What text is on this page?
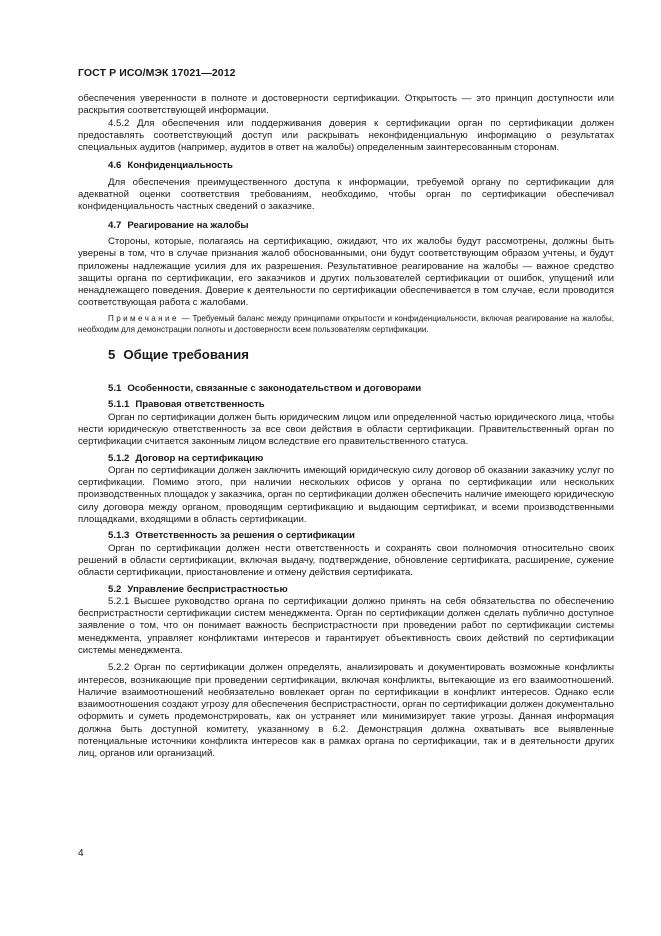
ГОСТ Р ИСО/МЭК 17021—2012

обеспечения уверенности в полноте и достоверности сертификации. Открытость — это принцип доступности или раскрытия соответствующей информации.

4.5.2 Для обеспечения или поддерживания доверия к сертификации орган по сертификации должен предоставлять соответствующий доступ или раскрывать неконфиденциальную информацию о результатах специальных аудитов (например, аудитов в ответ на жалобы) определенным заинтересованным сторонам.

4.6 Конфиденциальность

Для обеспечения преимущественного доступа к информации, требуемой органу по сертификации для адекватной оценки соответствия требованиям, необходимо, чтобы орган по сертификации обеспечивал конфиденциальность частных сведений о заказчике.

4.7 Реагирование на жалобы

Стороны, которые, полагаясь на сертификацию, ожидают, что их жалобы будут рассмотрены, должны быть уверены в том, что в случае признания жалоб обоснованными, они будут соответствующим образом учтены, и будут приложены надлежащие усилия для их разрешения. Результативное реагирование на жалобы — важное средство защиты органа по сертификации, его заказчиков и других пользователей сертификации от ошибок, упущений или ненадлежащего поведения. Доверие к деятельности по сертификации обеспечивается в том случае, если проводится соответствующая работа с жалобами.

Примечание — Требуемый баланс между принципами открытости и конфиденциальности, включая реагирование на жалобы, необходим для демонстрации полноты и достоверности всем пользователям сертификации.

5 Общие требования

5.1 Особенности, связанные с законодательством и договорами

5.1.1 Правовая ответственность

Орган по сертификации должен быть юридическим лицом или определенной частью юридического лица, чтобы нести юридическую ответственность за все свои действия в области сертификации. Правительственный орган по сертификации считается законным лицом вследствие его правительственного статуса.

5.1.2 Договор на сертификацию

Орган по сертификации должен заключить имеющий юридическую силу договор об оказании заказчику услуг по сертификации. Помимо этого, при наличии нескольких офисов у органа по сертификации или нескольких производственных площадок у заказчика, орган по сертификации должен обеспечить наличие имеющего юридическую силу договора между органом, проводящим сертификацию и выдающим сертификат, и всеми производственными площадками, входящими в область сертификации.

5.1.3 Ответственность за решения о сертификации

Орган по сертификации должен нести ответственность и сохранять свои полномочия относительно своих решений в области сертификации, включая выдачу, подтверждение, обновление сертификата, расширение, сужение области сертификации, приостановление и отмену действия сертификата.

5.2 Управление беспристрастностью

5.2.1 Высшее руководство органа по сертификации должно принять на себя обязательства по обеспечению беспристрастности сертификации систем менеджмента. Орган по сертификации должен сделать публично доступное заявление о том, что он понимает важность беспристрастности при проведении работ по сертификации системы менеджмента, управляет конфликтами интересов и гарантирует объективность своих действий по сертификации системы менеджмента.

5.2.2 Орган по сертификации должен определять, анализировать и документировать возможные конфликты интересов, возникающие при проведении сертификации, включая конфликты, вытекающие из его взаимоотношений. Наличие взаимоотношений необязательно вовлекает орган по сертификации в конфликт интересов. Однако если взаимоотношения создают угрозу для обеспечения беспристрастности, орган по сертификации должен документально оформить и суметь продемонстрировать, как он устраняет или минимизирует такие угрозы. Данная информация должна быть доступной комитету, указанному в 6.2. Демонстрация должна охватывать все выявленные потенциальные источники конфликта интересов как в рамках органа по сертификации, так и в деятельности других лиц, органов или организаций.

4
